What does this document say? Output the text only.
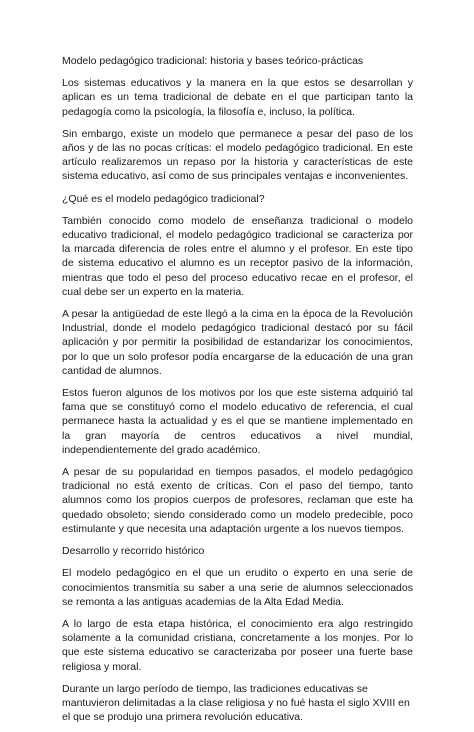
Modelo pedagógico tradicional: historia y bases teórico-prácticas

Los sistemas educativos y la manera en la que estos se desarrollan y aplican es un tema tradicional de debate en el que participan tanto la pedagogía como la psicología, la filosofía e, incluso, la política.

Sin embargo, existe un modelo que permanece a pesar del paso de los años y de las no pocas críticas: el modelo pedagógico tradicional. En este artículo realizaremos un repaso por la historia y características de este sistema educativo, así como de sus principales ventajas e inconvenientes.

¿Qué es el modelo pedagógico tradicional?

También conocido como modelo de enseñanza tradicional o modelo educativo tradicional, el modelo pedagógico tradicional se caracteriza por la marcada diferencia de roles entre el alumno y el profesor. En este tipo de sistema educativo el alumno es un receptor pasivo de la información, mientras que todo el peso del proceso educativo recae en el profesor, el cual debe ser un experto en la materia.

A pesar la antigüedad de este llegó a la cima en la época de la Revolución Industrial, donde el modelo pedagógico tradicional destacó por su fácil aplicación y por permitir la posibilidad de estandarizar los conocimientos, por lo que un solo profesor podía encargarse de la educación de una gran cantidad de alumnos.

Estos fueron algunos de los motivos por los que este sistema adquirió tal fama que se constituyó como el modelo educativo de referencia, el cual permanece hasta la actualidad y es el que se mantiene implementado en la gran mayoría de centros educativos a nivel mundial, independientemente del grado académico.

A pesar de su popularidad en tiempos pasados, el modelo pedagógico tradicional no está exento de críticas. Con el paso del tiempo, tanto alumnos como los propios cuerpos de profesores, reclaman que este ha quedado obsoleto; siendo considerado como un modelo predecible, poco estimulante y que necesita una adaptación urgente a los nuevos tiempos.

Desarrollo y recorrido histórico

El modelo pedagógico en el que un erudito o experto en una serie de conocimientos transmitía su saber a una serie de alumnos seleccionados se remonta a las antiguas academias de la Alta Edad Media.

A lo largo de esta etapa histórica, el conocimiento era algo restringido solamente a la comunidad cristiana, concretamente a los monjes. Por lo que este sistema educativo se caracterizaba por poseer una fuerte base religiosa y moral.

Durante un largo período de tiempo, las tradiciones educativas se mantuvieron delimitadas a la clase religiosa y no fué hasta el siglo XVIII en el que se produjo una primera revolución educativa.
